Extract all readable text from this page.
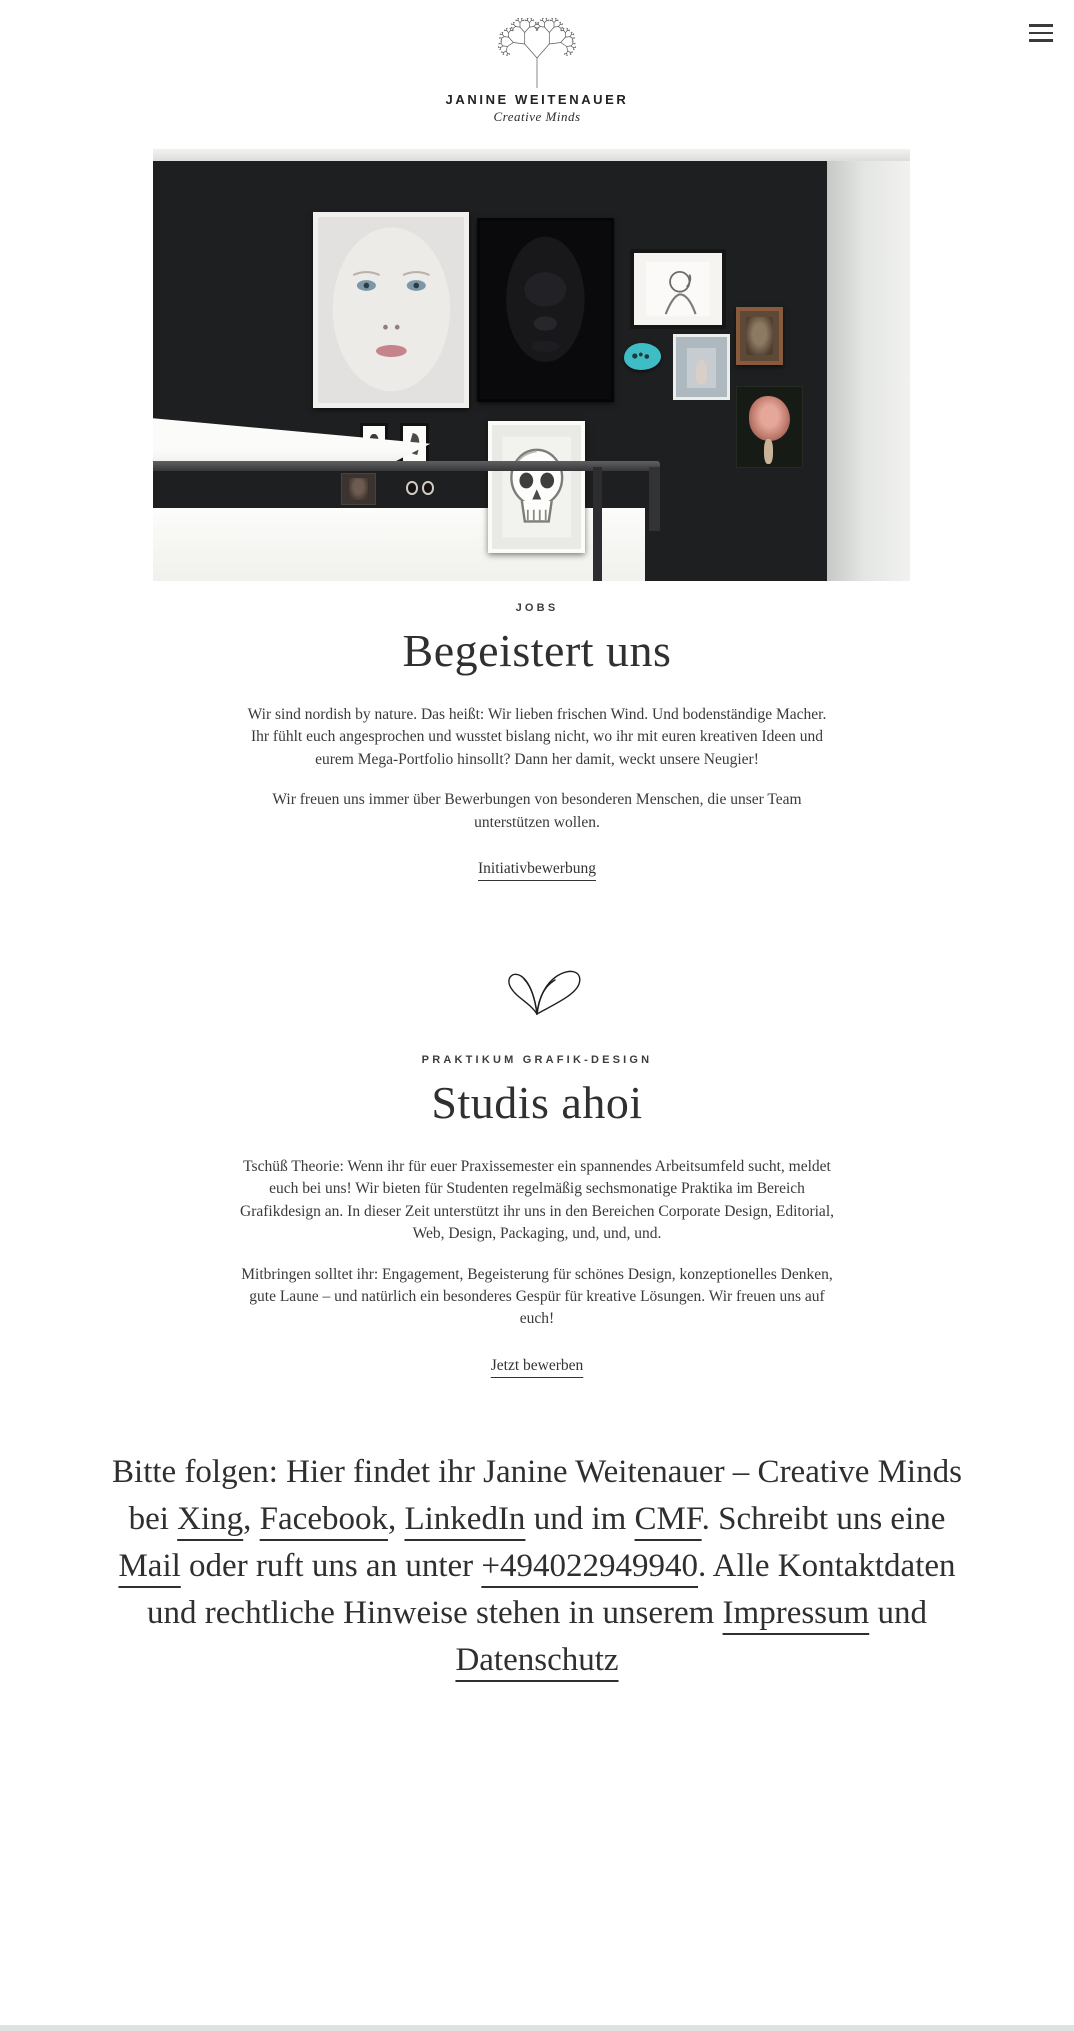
JANINE WEITENAUER
Creative Minds
JOBS
Begeistert uns

Wir sind nordish by nature. Das heißt: Wir lieben frischen Wind. Und bodenständige Macher. Ihr fühlt euch angesprochen und wusstet bislang nicht, wo ihr mit euren kreativen Ideen und eurem Mega-Portfolio hinsollt? Dann her damit, weckt unsere Neugier!

Wir freuen uns immer über Bewerbungen von besonderen Menschen, die unser Team unterstützen wollen.

Initiativbewerbung
PRAKTIKUM GRAFIK-DESIGN
Studis ahoi

Tschüß Theorie: Wenn ihr für euer Praxissemester ein spannendes Arbeitsumfeld sucht, meldet euch bei uns! Wir bieten für Studenten regelmäßig sechsmonatige Praktika im Bereich Grafikdesign an. In dieser Zeit unterstützt ihr uns in den Bereichen Corporate Design, Editorial, Web, Design, Packaging, und, und, und.

Mitbringen solltet ihr: Engagement, Begeisterung für schönes Design, konzeptionelles Denken, gute Laune – und natürlich ein besonderes Gespür für kreative Lösungen. Wir freuen uns auf euch!

Jetzt bewerben
Bitte folgen: Hier findet ihr Janine Weitenauer – Creative Minds bei Xing, Facebook, LinkedIn und im CMF. Schreibt uns eine Mail oder ruft uns an unter +494022949940. Alle Kontaktdaten und rechtliche Hinweise stehen in unserem Impressum und Datenschutz
